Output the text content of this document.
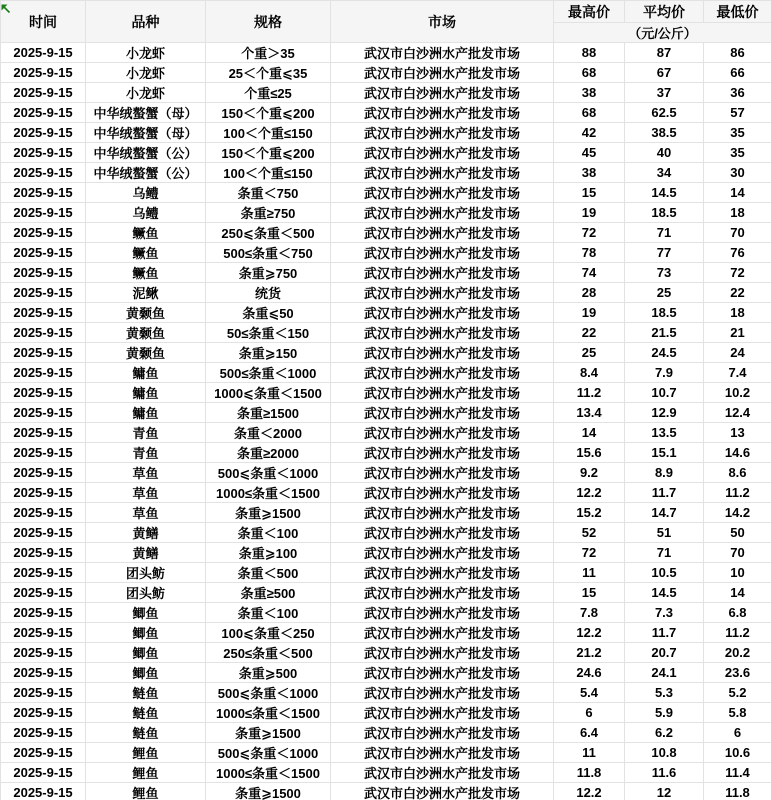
时间	品种	规格	市场	最高价	平均价	最低价
				（元/公斤）		
2025-9-15	小龙虾	个重＞35	武汉市白沙洲水产批发市场	88	87	86
2025-9-15	小龙虾	25＜个重⩽35	武汉市白沙洲水产批发市场	68	67	66
2025-9-15	小龙虾	个重≤25	武汉市白沙洲水产批发市场	38	37	36
2025-9-15	中华绒螯蟹（母）	150＜个重⩽200	武汉市白沙洲水产批发市场	68	62.5	57
2025-9-15	中华绒螯蟹（母）	100＜个重≤150	武汉市白沙洲水产批发市场	42	38.5	35
2025-9-15	中华绒螯蟹（公）	150＜个重⩽200	武汉市白沙洲水产批发市场	45	40	35
2025-9-15	中华绒螯蟹（公）	100＜个重≤150	武汉市白沙洲水产批发市场	38	34	30
2025-9-15	乌鳢	条重＜750	武汉市白沙洲水产批发市场	15	14.5	14
2025-9-15	乌鳢	条重≥750	武汉市白沙洲水产批发市场	19	18.5	18
2025-9-15	鳜鱼	250⩽条重＜500	武汉市白沙洲水产批发市场	72	71	70
2025-9-15	鳜鱼	500≤条重＜750	武汉市白沙洲水产批发市场	78	77	76
2025-9-15	鳜鱼	条重⩾750	武汉市白沙洲水产批发市场	74	73	72
2025-9-15	泥鳅	统货	武汉市白沙洲水产批发市场	28	25	22
2025-9-15	黄颡鱼	条重⩽50	武汉市白沙洲水产批发市场	19	18.5	18
2025-9-15	黄颡鱼	50≤条重＜150	武汉市白沙洲水产批发市场	22	21.5	21
2025-9-15	黄颡鱼	条重⩾150	武汉市白沙洲水产批发市场	25	24.5	24
2025-9-15	鳙鱼	500≤条重＜1000	武汉市白沙洲水产批发市场	8.4	7.9	7.4
2025-9-15	鳙鱼	1000⩽条重＜1500	武汉市白沙洲水产批发市场	11.2	10.7	10.2
2025-9-15	鳙鱼	条重≥1500	武汉市白沙洲水产批发市场	13.4	12.9	12.4
2025-9-15	青鱼	条重＜2000	武汉市白沙洲水产批发市场	14	13.5	13
2025-9-15	青鱼	条重≥2000	武汉市白沙洲水产批发市场	15.6	15.1	14.6
2025-9-15	草鱼	500⩽条重＜1000	武汉市白沙洲水产批发市场	9.2	8.9	8.6
2025-9-15	草鱼	1000≤条重＜1500	武汉市白沙洲水产批发市场	12.2	11.7	11.2
2025-9-15	草鱼	条重⩾1500	武汉市白沙洲水产批发市场	15.2	14.7	14.2
2025-9-15	黄鳝	条重＜100	武汉市白沙洲水产批发市场	52	51	50
2025-9-15	黄鳝	条重⩾100	武汉市白沙洲水产批发市场	72	71	70
2025-9-15	团头鲂	条重＜500	武汉市白沙洲水产批发市场	11	10.5	10
2025-9-15	团头鲂	条重≥500	武汉市白沙洲水产批发市场	15	14.5	14
2025-9-15	鲫鱼	条重＜100	武汉市白沙洲水产批发市场	7.8	7.3	6.8
2025-9-15	鲫鱼	100⩽条重＜250	武汉市白沙洲水产批发市场	12.2	11.7	11.2
2025-9-15	鲫鱼	250≤条重＜500	武汉市白沙洲水产批发市场	21.2	20.7	20.2
2025-9-15	鲫鱼	条重⩾500	武汉市白沙洲水产批发市场	24.6	24.1	23.6
2025-9-15	鲢鱼	500⩽条重＜1000	武汉市白沙洲水产批发市场	5.4	5.3	5.2
2025-9-15	鲢鱼	1000≤条重＜1500	武汉市白沙洲水产批发市场	6	5.9	5.8
2025-9-15	鲢鱼	条重⩾1500	武汉市白沙洲水产批发市场	6.4	6.2	6
2025-9-15	鲤鱼	500⩽条重＜1000	武汉市白沙洲水产批发市场	11	10.8	10.6
2025-9-15	鲤鱼	1000≤条重＜1500	武汉市白沙洲水产批发市场	11.8	11.6	11.4
2025-9-15	鲤鱼	条重⩾1500	武汉市白沙洲水产批发市场	12.2	12	11.8
